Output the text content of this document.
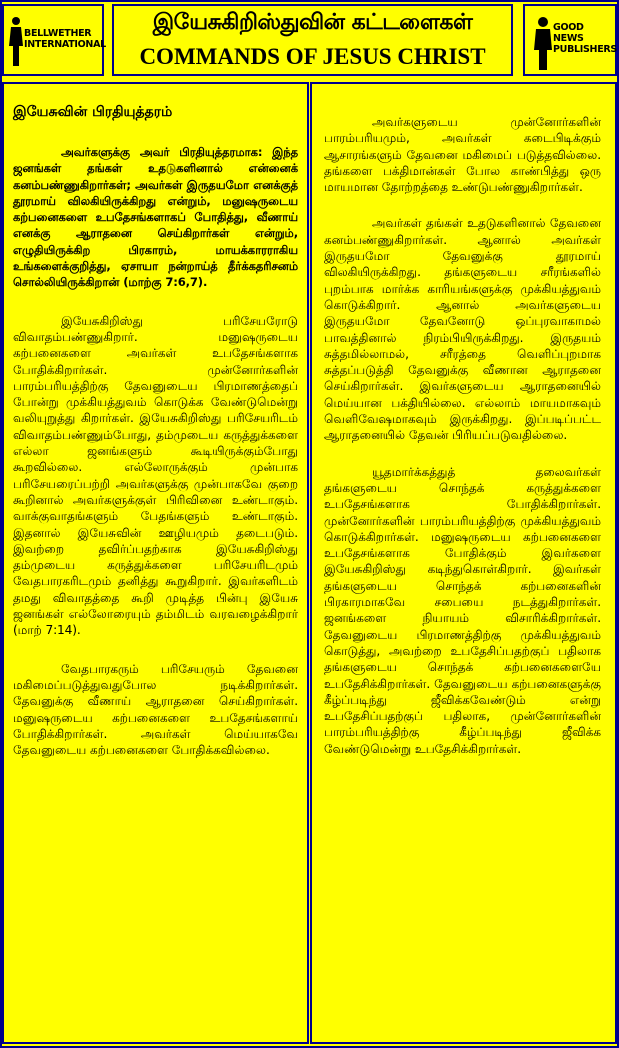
BELLWETHER
INTERNATIONAL
இயேசுகிறிஸ்துவின் கட்டளைகள்
COMMANDS OF JESUS CHRIST
GOOD NEWS
PUBLISHERS
இயேசுவின் பிரதியுத்தரம்

அவர்களுக்கு அவர் பிரதியுத்தரமாக: இந்த ஜனங்கள் தங்கள் உதடுகளினால் என்னைக் கனம்பண்ணுகிறார்கள்; அவர்கள் இருதயமோ எனக்குத் தூரமாய் விலகியிருக்கிறது என்றும், மனுஷருடைய கற்பனைகளை உபதேசங்களாகப் போதித்து, வீணாய் எனக்கு ஆராதனை செய்கிறார்கள் என்றும், எழுதியிருக்கிற பிரகாரம், மாயக்காரராகிய உங்களைக்குறித்து, ஏசாயா நன்றாய்த் தீர்க்கதரிசனம் சொல்லியிருக்கிறான் (மாற்கு 7:6,7).

இயேசுகிறிஸ்து பரிசேயரோடு விவாதம்பண்ணுகிறார். மனுஷருடைய கற்பனைகளை அவர்கள் உபதேசங்களாக போதிக்கிறார்கள். முன்னோர்களின் பாரம்பரியத்திற்கு தேவனுடைய பிரமாணத்தைப் போன்று முக்கியத்துவம் கொடுக்க வேண்டுமென்று வலியுறுத்து கிறார்கள். இயேசுகிறிஸ்து பரிசேயரிடம் விவாதம்பண்ணும்போது, தம்முடைய கருத்துக்களை எல்லா ஜனங்களும் கூடியிருக்கும்போது கூறவில்லை. எல்லோருக்கும் முன்பாக பரிசேயரைப்பற்றி அவர்களுக்கு முன்பாகவே குறை கூறினால் அவர்களுக்குள் பிரிவினை உண்டாகும். வாக்குவாதங்களும் பேதங்களும் உண்டாகும். இதனால் இயேசுவின் ஊழியமும் தடைபடும். இவற்றை தவிர்ப்பதற்காக இயேசுகிறிஸ்து தம்முடைய கருத்துக்களை பரிசேயரிடமும் வேதபாரகரிடமும் தனித்து கூறுகிறார். இவர்களிடம் தமது விவாதத்தை கூறி முடித்த பின்பு இயேசு ஜனங்கள் எல்லோரையும் தம்மிடம் வரவழைக்கிறார் (மாற் 7:14).

வேதபாரகரும் பரிசேயரும் தேவனை மகிமைப்படுத்துவதுபோல நடிக்கிறார்கள். தேவனுக்கு வீணாய் ஆராதனை செய்கிறார்கள். மனுஷருடைய கற்பனைகளை உபதேசங்களாய் போதிக்கிறார்கள். அவர்கள் மெய்யாகவே தேவனுடைய கற்பனைகளை போதிக்கவில்லை.

அவர்களுடைய முன்னோர்களின் பாரம்பரியமும், அவர்கள் கடைபிடிக்கும் ஆசாரங்களும் தேவனை மகிமைப் படுத்தவில்லை. தங்களை பக்திமான்கள் போல காண்பித்து ஒரு மாயமான தோற்றத்தை உண்டுபண்ணுகிறார்கள்.

அவர்கள் தங்கள் உதடுகளினால் தேவனை கனம்பண்ணுகிறார்கள். ஆனால் அவர்கள் இருதயமோ தேவனுக்கு தூரமாய் விலகியிருக்கிறது. தங்களுடைய சரீரங்களில் புறம்பாக மார்க்க காரியங்களுக்கு முக்கியத்துவம் கொடுக்கிறார். ஆனால் அவர்களுடைய இருதயமோ தேவனோடு ஒப்புரவாகாமல் பாவத்தினால் நிரம்பியிருக்கிறது. இருதயம் சுத்தமில்லாமல், சரீரத்தை வெளிப்புறமாக சுத்தப்படுத்தி தேவனுக்கு வீணான ஆராதனை செய்கிறார்கள். இவர்களுடைய ஆராதனையில் மெய்யான பக்தியில்லை. எல்லாம் மாயமாகவும் வெளிவேஷமாகவும் இருக்கிறது. இப்படிப்பட்ட ஆராதனையில் தேவன் பிரியப்படுவதில்லை.

யூதமார்க்கத்துத் தலைவர்கள் தங்களுடைய சொந்தக் கருத்துக்களை உபதேசங்களாக போதிக்கிறார்கள். முன்னோர்களின் பாரம்பரியத்திற்கு முக்கியத்துவம் கொடுக்கிறார்கள். மனுஷருடைய கற்பனைகளை உபதேசங்களாக போதிக்கும் இவர்களை இயேசுகிறிஸ்து கடிந்துகொள்கிறார். இவர்கள் தங்களுடைய சொந்தக் கற்பனைகளின் பிரகாரமாகவே சபையை நடத்துகிறார்கள். ஜனங்களை நியாயம் விசாரிக்கிறார்கள். தேவனுடைய பிரமாணத்திற்கு முக்கியத்துவம் கொடுத்து, அவற்றை உபதேசிப்பதற்குப் பதிலாக தங்களுடைய சொந்தக் கற்பனைகளையே உபதேசிக்கிறார்கள். தேவனுடைய கற்பனைகளுக்கு கீழ்ப்படிந்து ஜீவிக்கவேண்டும் என்று உபதேசிப்பதற்குப் பதிலாக, முன்னோர்களின் பாரம்பரியத்திற்கு கீழ்ப்படிந்து ஜீவிக்க வேண்டுமென்று உபதேசிக்கிறார்கள்.
